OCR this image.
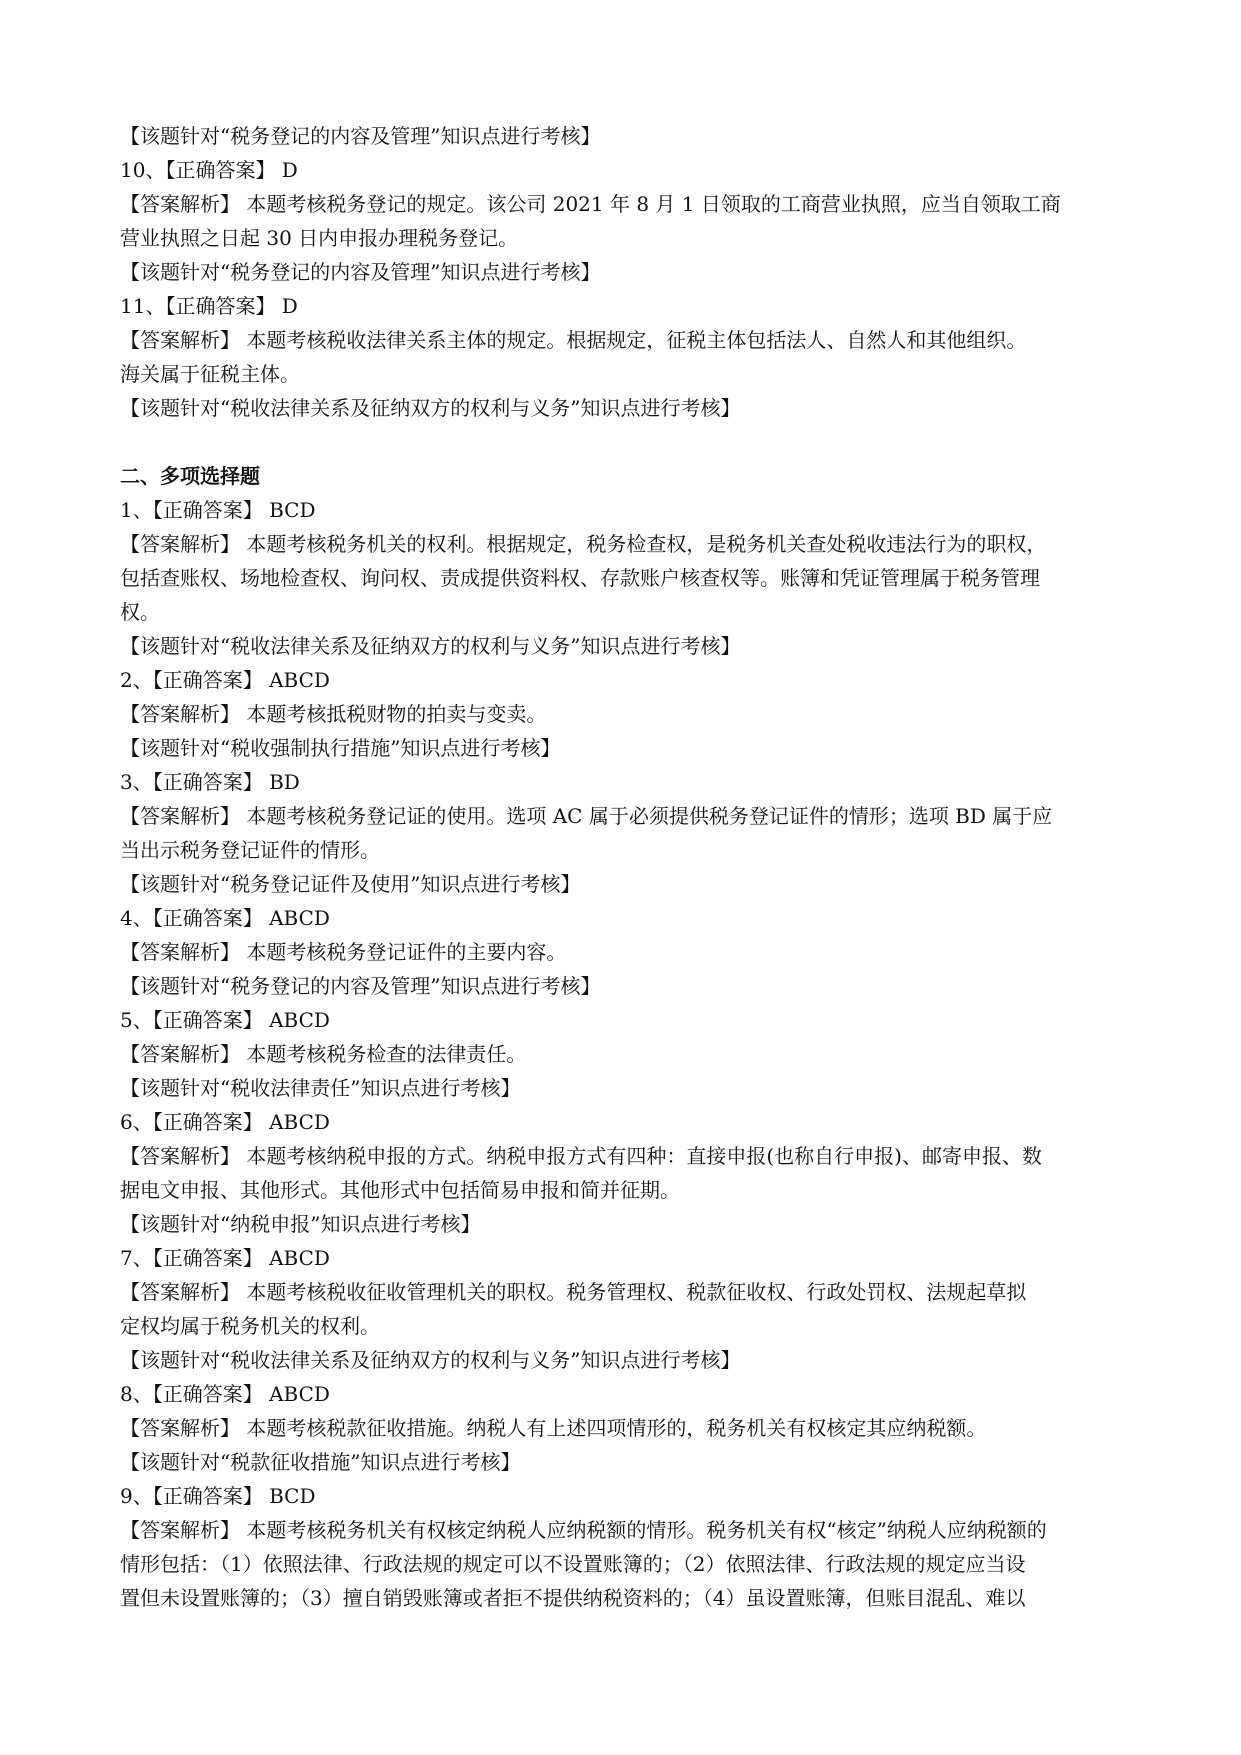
【该题针对“税务登记的内容及管理”知识点进行考核】
10、【正确答案】 D
【答案解析】 本题考核税务登记的规定。该公司 2021 年 8 月 1 日领取的工商营业执照，应当自领取工商
营业执照之日起 30 日内申报办理税务登记。
【该题针对“税务登记的内容及管理”知识点进行考核】
11、【正确答案】 D
【答案解析】 本题考核税收法律关系主体的规定。根据规定，征税主体包括法人、自然人和其他组织。
海关属于征税主体。
【该题针对“税收法律关系及征纳双方的权利与义务”知识点进行考核】
二、多项选择题
1、【正确答案】 BCD
【答案解析】 本题考核税务机关的权利。根据规定，税务检查权，是税务机关查处税收违法行为的职权，
包括查账权、场地检查权、询问权、责成提供资料权、存款账户核查权等。账簿和凭证管理属于税务管理
权。
【该题针对“税收法律关系及征纳双方的权利与义务”知识点进行考核】
2、【正确答案】 ABCD
【答案解析】 本题考核抵税财物的拍卖与变卖。
【该题针对“税收强制执行措施”知识点进行考核】
3、【正确答案】 BD
【答案解析】 本题考核税务登记证的使用。选项 AC 属于必须提供税务登记证件的情形；选项 BD 属于应
当出示税务登记证件的情形。
【该题针对“税务登记证件及使用”知识点进行考核】
4、【正确答案】 ABCD
【答案解析】 本题考核税务登记证件的主要内容。
【该题针对“税务登记的内容及管理”知识点进行考核】
5、【正确答案】 ABCD
【答案解析】 本题考核税务检查的法律责任。
【该题针对“税收法律责任”知识点进行考核】
6、【正确答案】 ABCD
【答案解析】 本题考核纳税申报的方式。纳税申报方式有四种：直接申报(也称自行申报)、邮寄申报、数
据电文申报、其他形式。其他形式中包括简易申报和简并征期。
【该题针对“纳税申报”知识点进行考核】
7、【正确答案】 ABCD
【答案解析】 本题考核税收征收管理机关的职权。税务管理权、税款征收权、行政处罚权、法规起草拟
定权均属于税务机关的权利。
【该题针对“税收法律关系及征纳双方的权利与义务”知识点进行考核】
8、【正确答案】 ABCD
【答案解析】 本题考核税款征收措施。纳税人有上述四项情形的，税务机关有权核定其应纳税额。
【该题针对“税款征收措施”知识点进行考核】
9、【正确答案】 BCD
【答案解析】 本题考核税务机关有权核定纳税人应纳税额的情形。税务机关有权“核定”纳税人应纳税额的
情形包括：（1）依照法律、行政法规的规定可以不设置账簿的；（2）依照法律、行政法规的规定应当设
置但未设置账簿的；（3）擅自销毁账簿或者拒不提供纳税资料的；（4）虽设置账簿，但账目混乱、难以
